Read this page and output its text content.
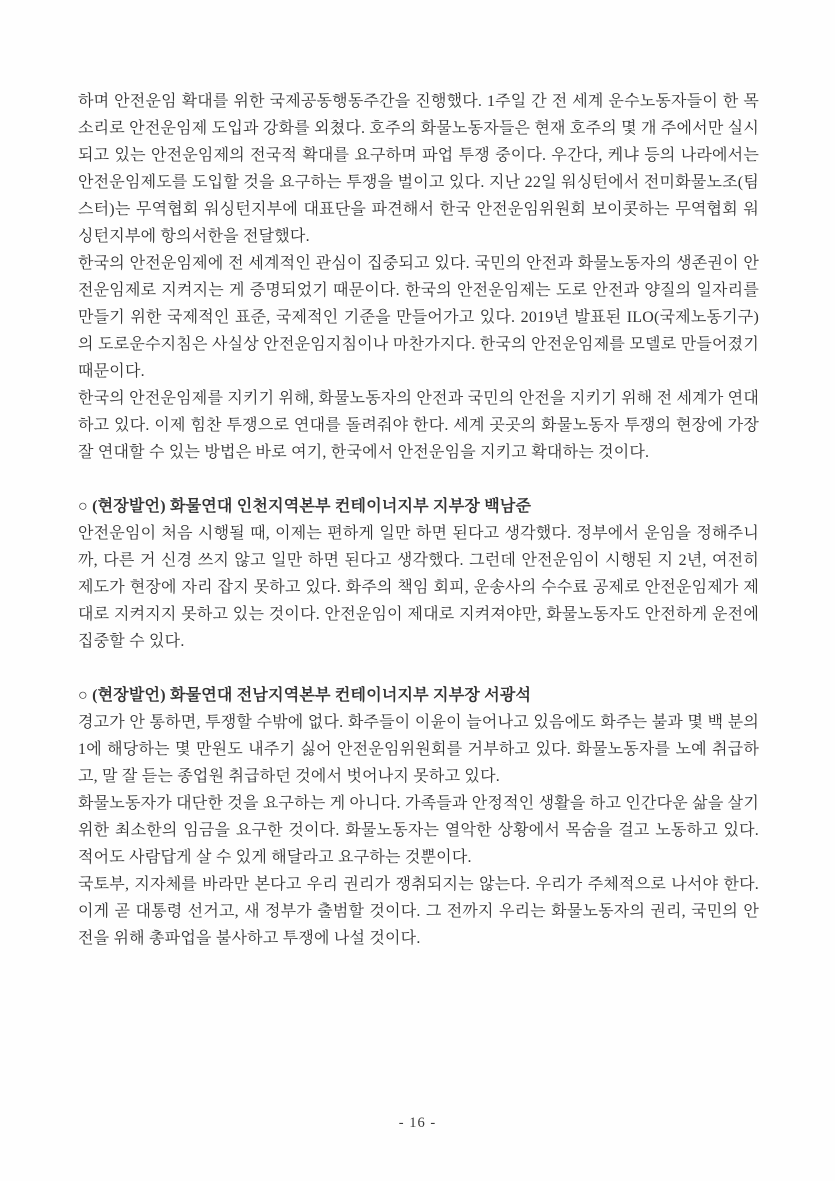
하며 안전운임 확대를 위한 국제공동행동주간을 진행했다. 1주일 간 전 세계 운수노동자들이 한 목소리로 안전운임제 도입과 강화를 외쳤다. 호주의 화물노동자들은 현재 호주의 몇 개 주에서만 실시되고 있는 안전운임제의 전국적 확대를 요구하며 파업 투쟁 중이다. 우간다, 케냐 등의 나라에서는 안전운임제도를 도입할 것을 요구하는 투쟁을 벌이고 있다. 지난 22일 워싱턴에서 전미화물노조(팀스터)는 무역협회 워싱턴지부에 대표단을 파견해서 한국 안전운임위원회 보이콧하는 무역협회 워싱턴지부에 항의서한을 전달했다.

한국의 안전운임제에 전 세계적인 관심이 집중되고 있다. 국민의 안전과 화물노동자의 생존권이 안전운임제로 지켜지는 게 증명되었기 때문이다. 한국의 안전운임제는 도로 안전과 양질의 일자리를 만들기 위한 국제적인 표준, 국제적인 기준을 만들어가고 있다. 2019년 발표된 ILO(국제노동기구)의 도로운수지침은 사실상 안전운임지침이나 마찬가지다. 한국의 안전운임제를 모델로 만들어졌기 때문이다.

한국의 안전운임제를 지키기 위해, 화물노동자의 안전과 국민의 안전을 지키기 위해 전 세계가 연대하고 있다. 이제 힘찬 투쟁으로 연대를 돌려줘야 한다. 세계 곳곳의 화물노동자 투쟁의 현장에 가장 잘 연대할 수 있는 방법은 바로 여기, 한국에서 안전운임을 지키고 확대하는 것이다.

○ (현장발언) 화물연대 인천지역본부 컨테이너지부 지부장 백남준

안전운임이 처음 시행될 때, 이제는 편하게 일만 하면 된다고 생각했다. 정부에서 운임을 정해주니까, 다른 거 신경 쓰지 않고 일만 하면 된다고 생각했다. 그런데 안전운임이 시행된 지 2년, 여전히 제도가 현장에 자리 잡지 못하고 있다. 화주의 책임 회피, 운송사의 수수료 공제로 안전운임제가 제대로 지켜지지 못하고 있는 것이다. 안전운임이 제대로 지켜져야만, 화물노동자도 안전하게 운전에 집중할 수 있다.

○ (현장발언) 화물연대 전남지역본부 컨테이너지부 지부장 서광석

경고가 안 통하면, 투쟁할 수밖에 없다. 화주들이 이윤이 늘어나고 있음에도 화주는 불과 몇 백 분의 1에 해당하는 몇 만원도 내주기 싫어 안전운임위원회를 거부하고 있다. 화물노동자를 노예 취급하고, 말 잘 듣는 종업원 취급하던 것에서 벗어나지 못하고 있다.

화물노동자가 대단한 것을 요구하는 게 아니다. 가족들과 안정적인 생활을 하고 인간다운 삶을 살기 위한 최소한의 임금을 요구한 것이다. 화물노동자는 열악한 상황에서 목숨을 걸고 노동하고 있다. 적어도 사람답게 살 수 있게 해달라고 요구하는 것뿐이다.

국토부, 지자체를 바라만 본다고 우리 권리가 쟁취되지는 않는다. 우리가 주체적으로 나서야 한다. 이게 곧 대통령 선거고, 새 정부가 출범할 것이다. 그 전까지 우리는 화물노동자의 권리, 국민의 안전을 위해 총파업을 불사하고 투쟁에 나설 것이다.

- 16 -
